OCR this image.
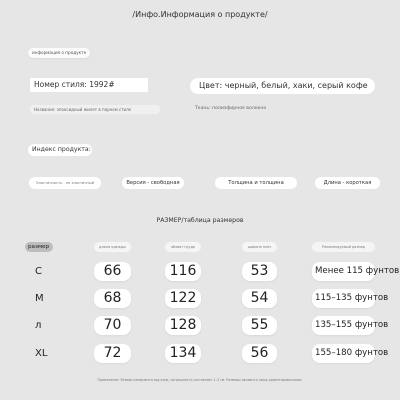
/Инфо.Информация о продукте/
информация о продукте
Номер стиля: 1992#	Цвет: черный, белый, хаки, серый кофе
Название: эпоксидный жилет в парном стиле	Ткань: полиэфирное волокно
Индекс продукта:
Эластичность - не эластичный	Версия - свободная	Толщина и толщина	Длина - короткая
РАЗМЕР/таблица размеров
размер	длина одежды	обхват груди	ширина плеч	Рекомендуемый размер
С	66	116	53	Менее 115 фунтов
М	68	122	54	115–135 фунтов
л	70	128	55	135–155 фунтов
XL	72	134	56	155–180 фунтов
Примечание: Размер измеряется вручную, погрешность составляет 1–3 см. Размеры являются лишь ориентировочными.
